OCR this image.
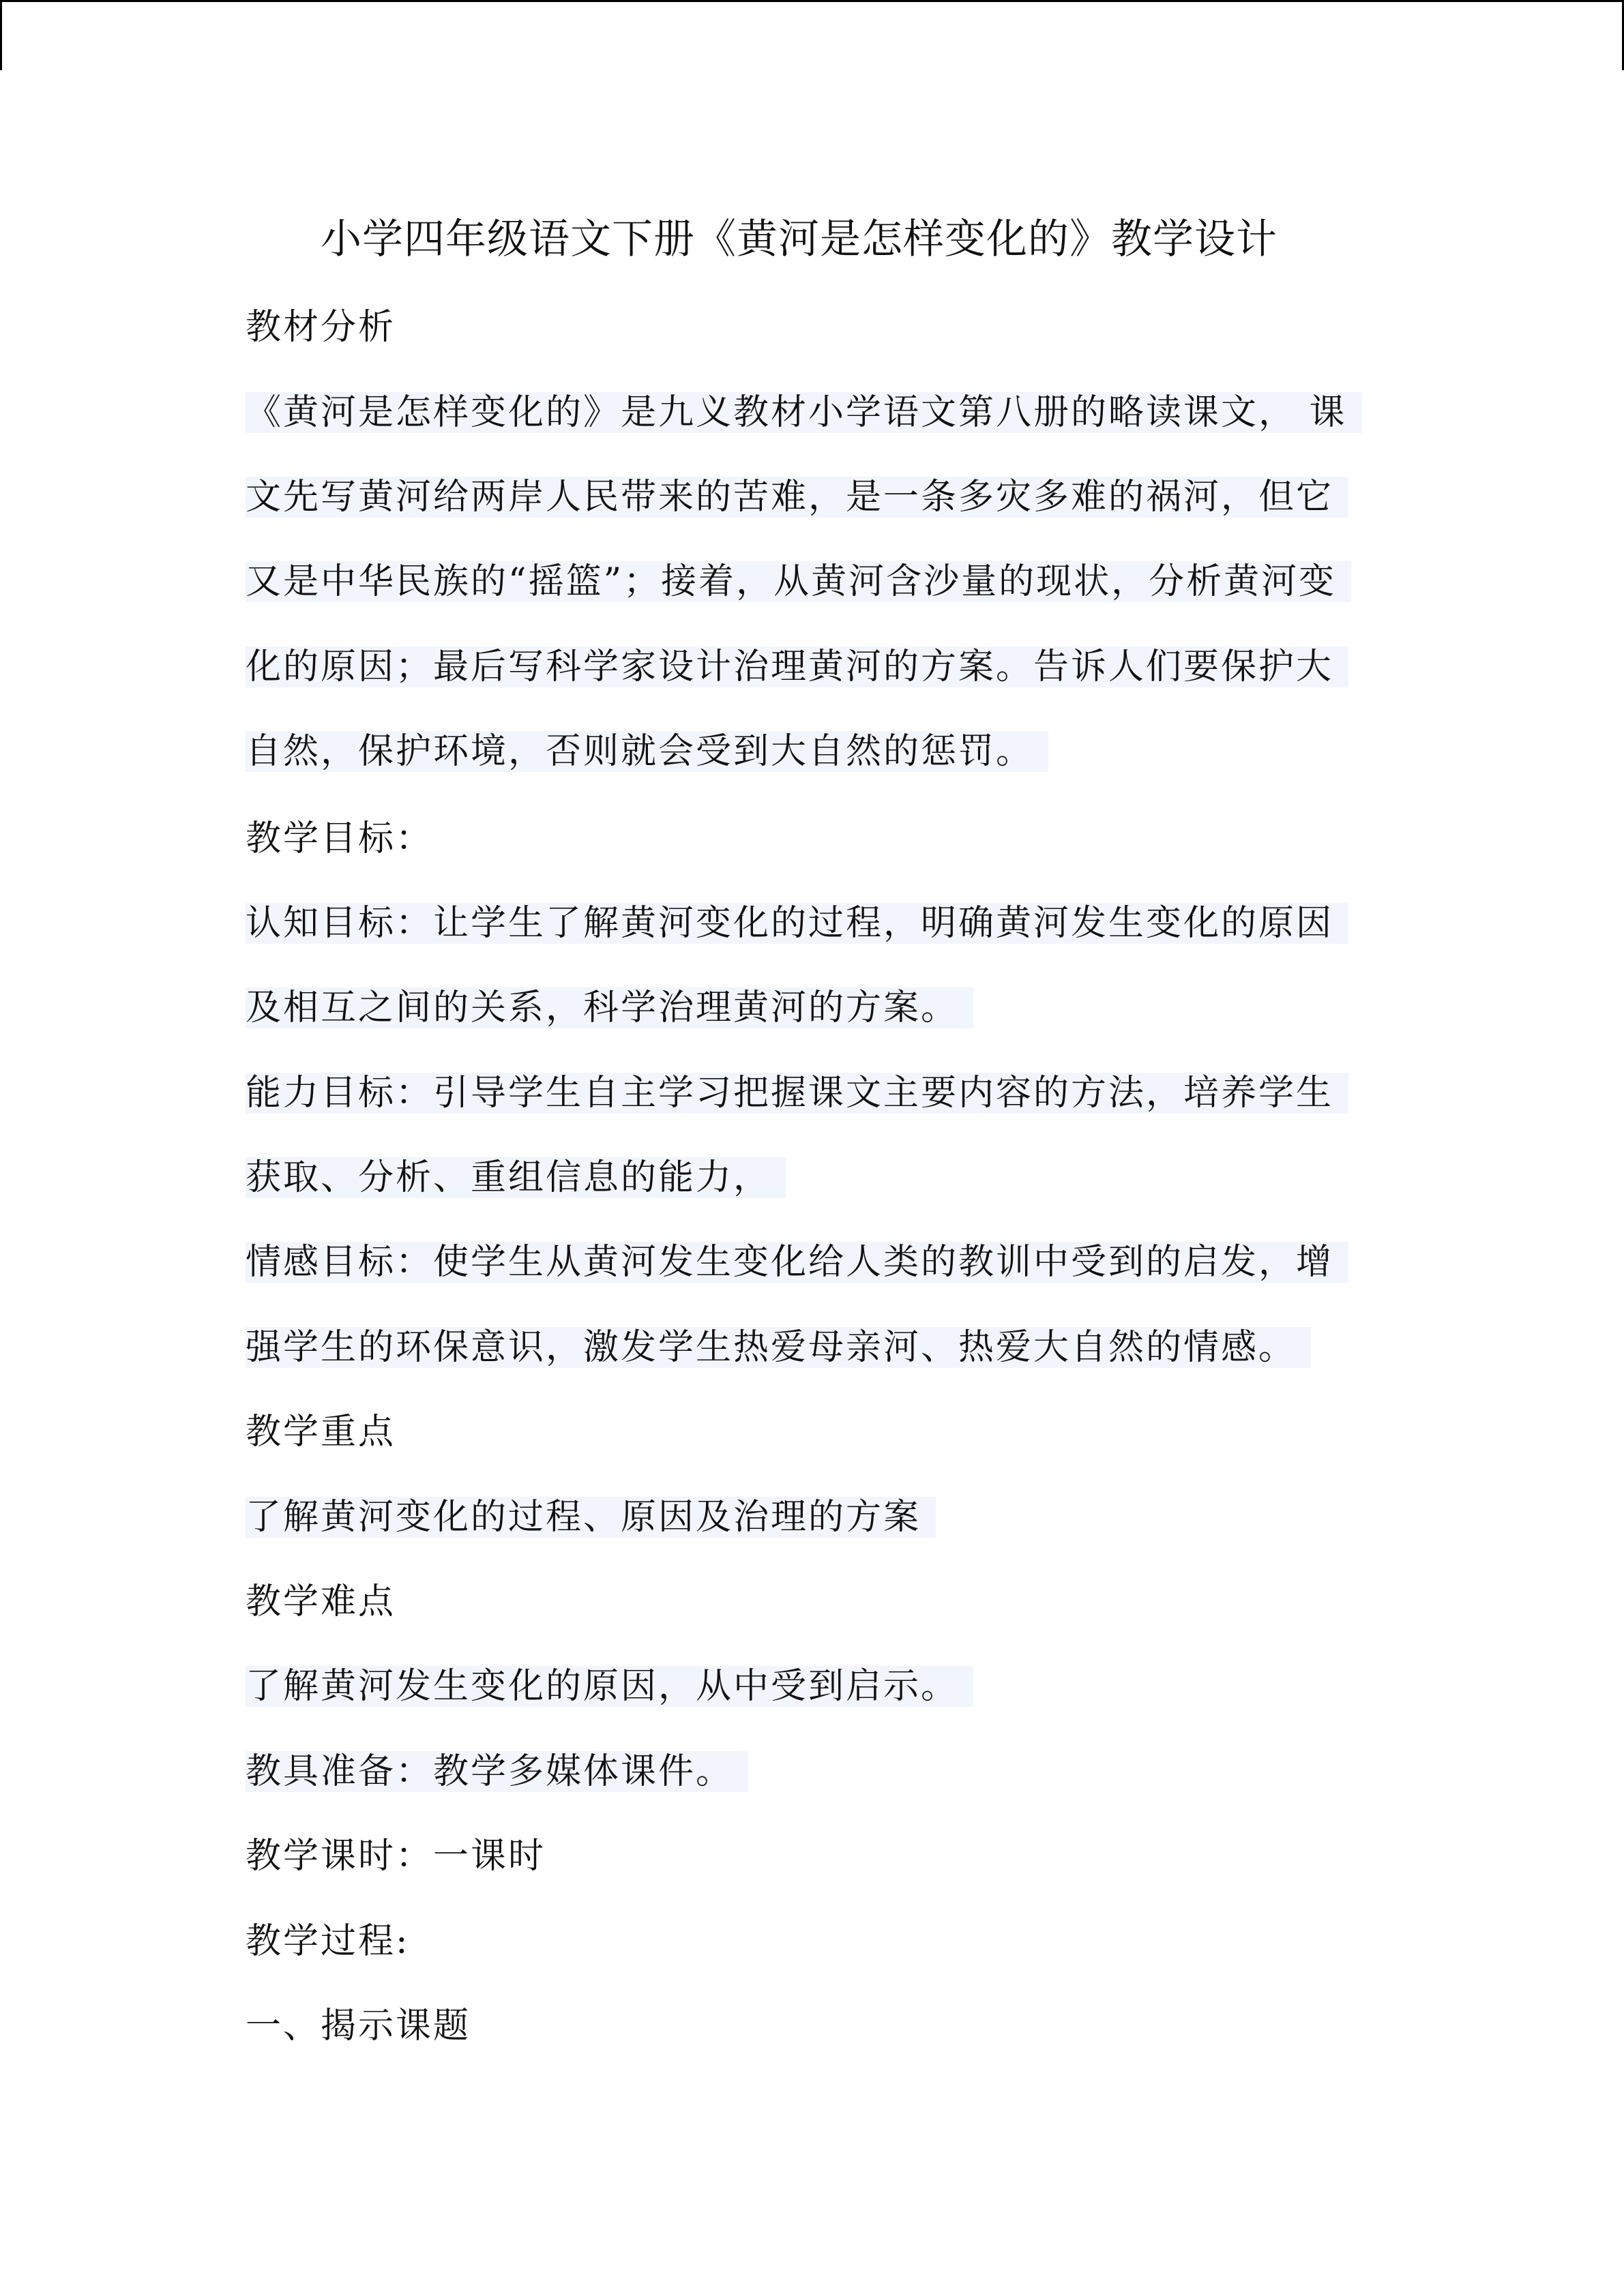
小学四年级语文下册《黄河是怎样变化的》教学设计
教材分析
《黄河是怎样变化的》是九义教材小学语文第八册的略读课文， 课
文先写黄河给两岸人民带来的苦难，是一条多灾多难的祸河，但它
又是中华民族的“摇篮”；接着，从黄河含沙量的现状，分析黄河变
化的原因；最后写科学家设计治理黄河的方案。告诉人们要保护大
自然，保护环境，否则就会受到大自然的惩罚。
教学目标：
认知目标：让学生了解黄河变化的过程，明确黄河发生变化的原因
及相互之间的关系，科学治理黄河的方案。
能力目标：引导学生自主学习把握课文主要内容的方法，培养学生
获取、分析、重组信息的能力，
情感目标：使学生从黄河发生变化给人类的教训中受到的启发，增
强学生的环保意识，激发学生热爱母亲河、热爱大自然的情感。
教学重点
了解黄河变化的过程、原因及治理的方案
教学难点
了解黄河发生变化的原因，从中受到启示。
教具准备：教学多媒体课件。
教学课时：一课时
教学过程:
一、揭示课题
